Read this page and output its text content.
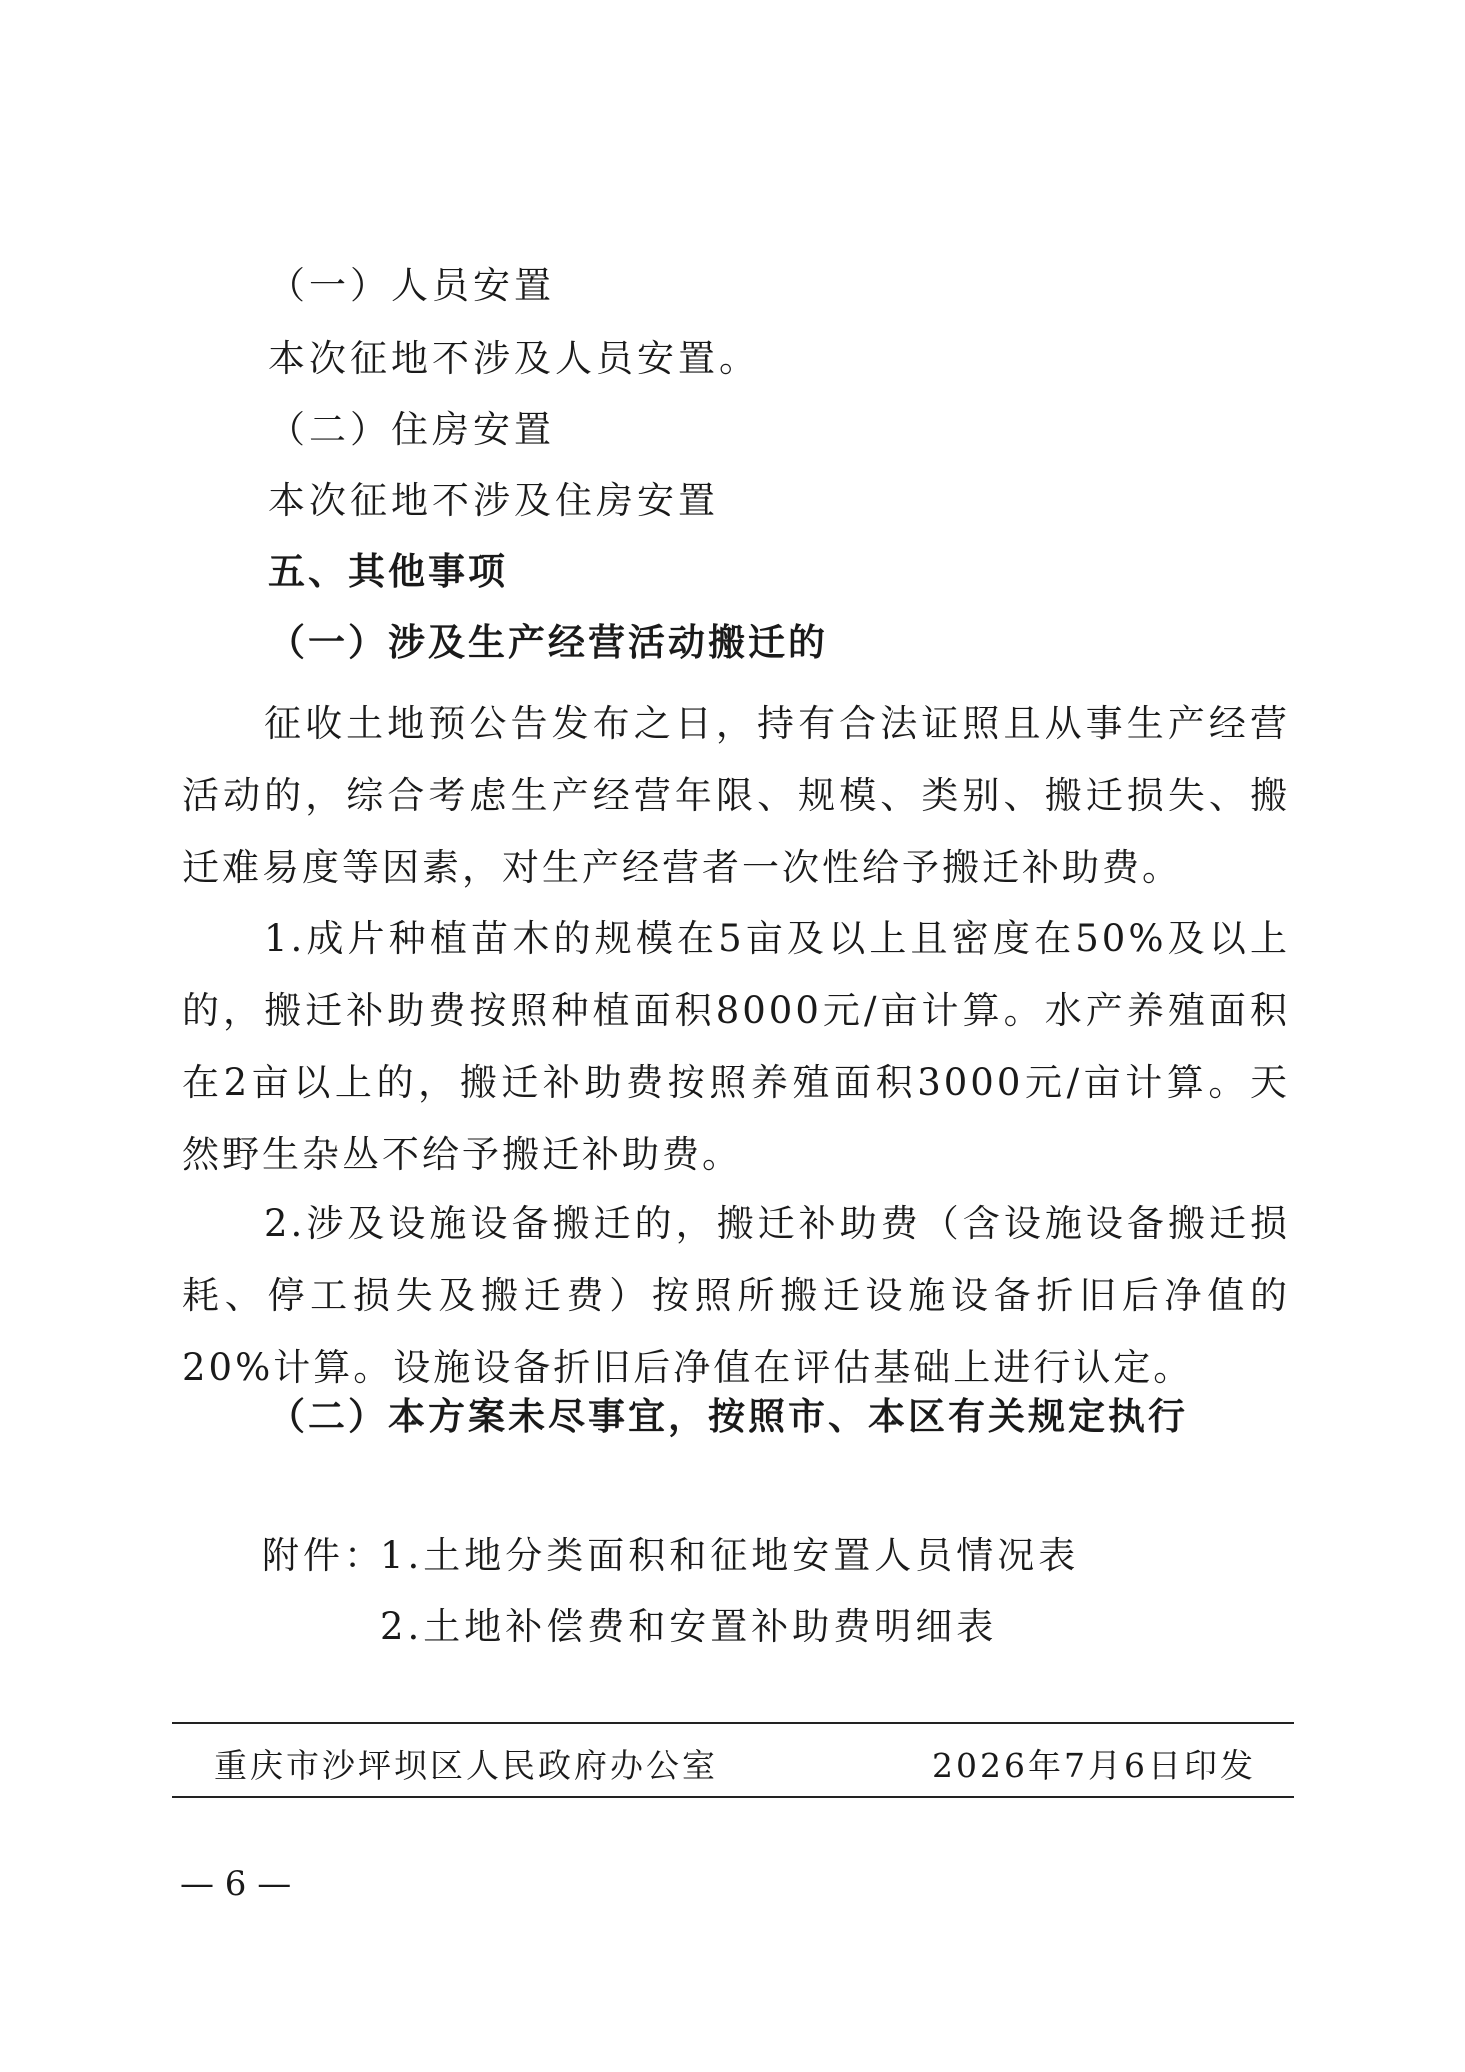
（一）人员安置
本次征地不涉及人员安置。
（二）住房安置
本次征地不涉及住房安置
五、其他事项
（一）涉及生产经营活动搬迁的
征收土地预公告发布之日，持有合法证照且从事生产经营活动的，综合考虑生产经营年限、规模、类别、搬迁损失、搬迁难易度等因素，对生产经营者一次性给予搬迁补助费。
1.成片种植苗木的规模在5亩及以上且密度在50%及以上的，搬迁补助费按照种植面积8000元/亩计算。水产养殖面积在2亩以上的，搬迁补助费按照养殖面积3000元/亩计算。天然野生杂丛不给予搬迁补助费。
2.涉及设施设备搬迁的，搬迁补助费（含设施设备搬迁损耗、停工损失及搬迁费）按照所搬迁设施设备折旧后净值的20%计算。设施设备折旧后净值在评估基础上进行认定。
（二）本方案未尽事宜，按照市、本区有关规定执行
附件：
1.土地分类面积和征地安置人员情况表
2.土地补偿费和安置补助费明细表
重庆市沙坪坝区人民政府办公室	2026年7月6日印发
— 6 —
